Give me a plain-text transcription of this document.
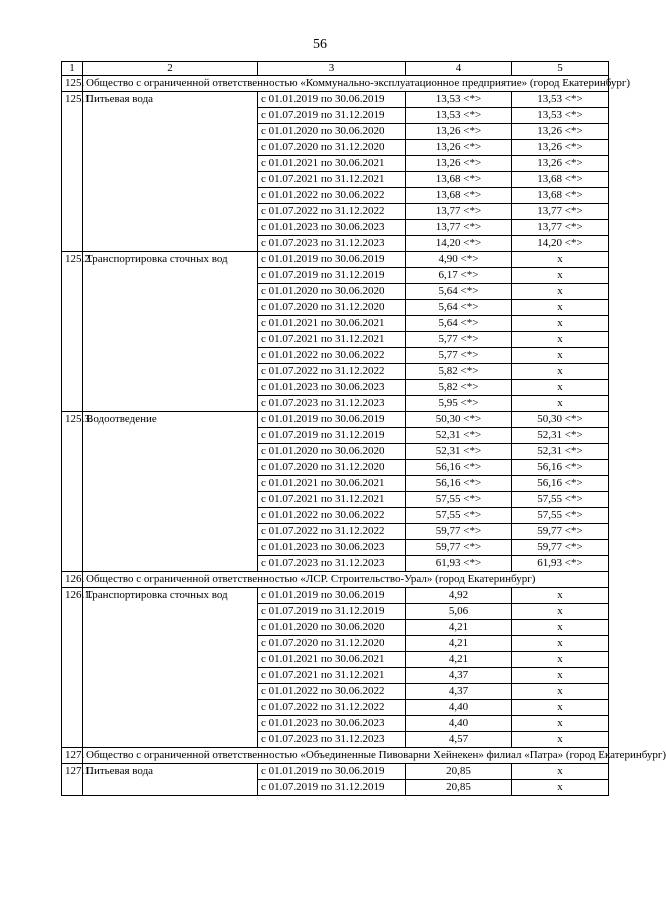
56
1	2	3	4	5
125.	Общество с ограниченной ответственностью «Коммунально-эксплуатационное предприятие» (город Екатеринбург)			
125.1.	Питьевая вода	с 01.01.2019 по 30.06.2019	13,53 <*>	13,53 <*>
		с 01.07.2019 по 31.12.2019	13,53 <*>	13,53 <*>
		с 01.01.2020 по 30.06.2020	13,26 <*>	13,26 <*>
		с 01.07.2020 по 31.12.2020	13,26 <*>	13,26 <*>
		с 01.01.2021 по 30.06.2021	13,26 <*>	13,26 <*>
		с 01.07.2021 по 31.12.2021	13,68 <*>	13,68 <*>
		с 01.01.2022 по 30.06.2022	13,68 <*>	13,68 <*>
		с 01.07.2022 по 31.12.2022	13,77 <*>	13,77 <*>
		с 01.01.2023 по 30.06.2023	13,77 <*>	13,77 <*>
		с 01.07.2023 по 31.12.2023	14,20 <*>	14,20 <*>
125.2.	Транспортировка сточных вод	с 01.01.2019 по 30.06.2019	4,90 <*>	x
		с 01.07.2019 по 31.12.2019	6,17 <*>	x
		с 01.01.2020 по 30.06.2020	5,64 <*>	x
		с 01.07.2020 по 31.12.2020	5,64 <*>	x
		с 01.01.2021 по 30.06.2021	5,64 <*>	x
		с 01.07.2021 по 31.12.2021	5,77 <*>	x
		с 01.01.2022 по 30.06.2022	5,77 <*>	x
		с 01.07.2022 по 31.12.2022	5,82 <*>	x
		с 01.01.2023 по 30.06.2023	5,82 <*>	x
		с 01.07.2023 по 31.12.2023	5,95 <*>	x
125.3.	Водоотведение	с 01.01.2019 по 30.06.2019	50,30 <*>	50,30 <*>
		с 01.07.2019 по 31.12.2019	52,31 <*>	52,31 <*>
		с 01.01.2020 по 30.06.2020	52,31 <*>	52,31 <*>
		с 01.07.2020 по 31.12.2020	56,16 <*>	56,16 <*>
		с 01.01.2021 по 30.06.2021	56,16 <*>	56,16 <*>
		с 01.07.2021 по 31.12.2021	57,55 <*>	57,55 <*>
		с 01.01.2022 по 30.06.2022	57,55 <*>	57,55 <*>
		с 01.07.2022 по 31.12.2022	59,77 <*>	59,77 <*>
		с 01.01.2023 по 30.06.2023	59,77 <*>	59,77 <*>
		с 01.07.2023 по 31.12.2023	61,93 <*>	61,93 <*>
126.	Общество с ограниченной ответственностью «ЛСР. Строительство-Урал» (город Екатеринбург)			
126.1.	Транспортировка сточных вод	с 01.01.2019 по 30.06.2019	4,92	x
		с 01.07.2019 по 31.12.2019	5,06	x
		с 01.01.2020 по 30.06.2020	4,21	x
		с 01.07.2020 по 31.12.2020	4,21	x
		с 01.01.2021 по 30.06.2021	4,21	x
		с 01.07.2021 по 31.12.2021	4,37	x
		с 01.01.2022 по 30.06.2022	4,37	x
		с 01.07.2022 по 31.12.2022	4,40	x
		с 01.01.2023 по 30.06.2023	4,40	x
		с 01.07.2023 по 31.12.2023	4,57	x
127.	Общество с ограниченной ответственностью «Объединенные Пивоварни Хейнекен» филиал «Патра» (город Екатеринбург)			
127.1.	Питьевая вода	с 01.01.2019 по 30.06.2019	20,85	x
		с 01.07.2019 по 31.12.2019	20,85	x
